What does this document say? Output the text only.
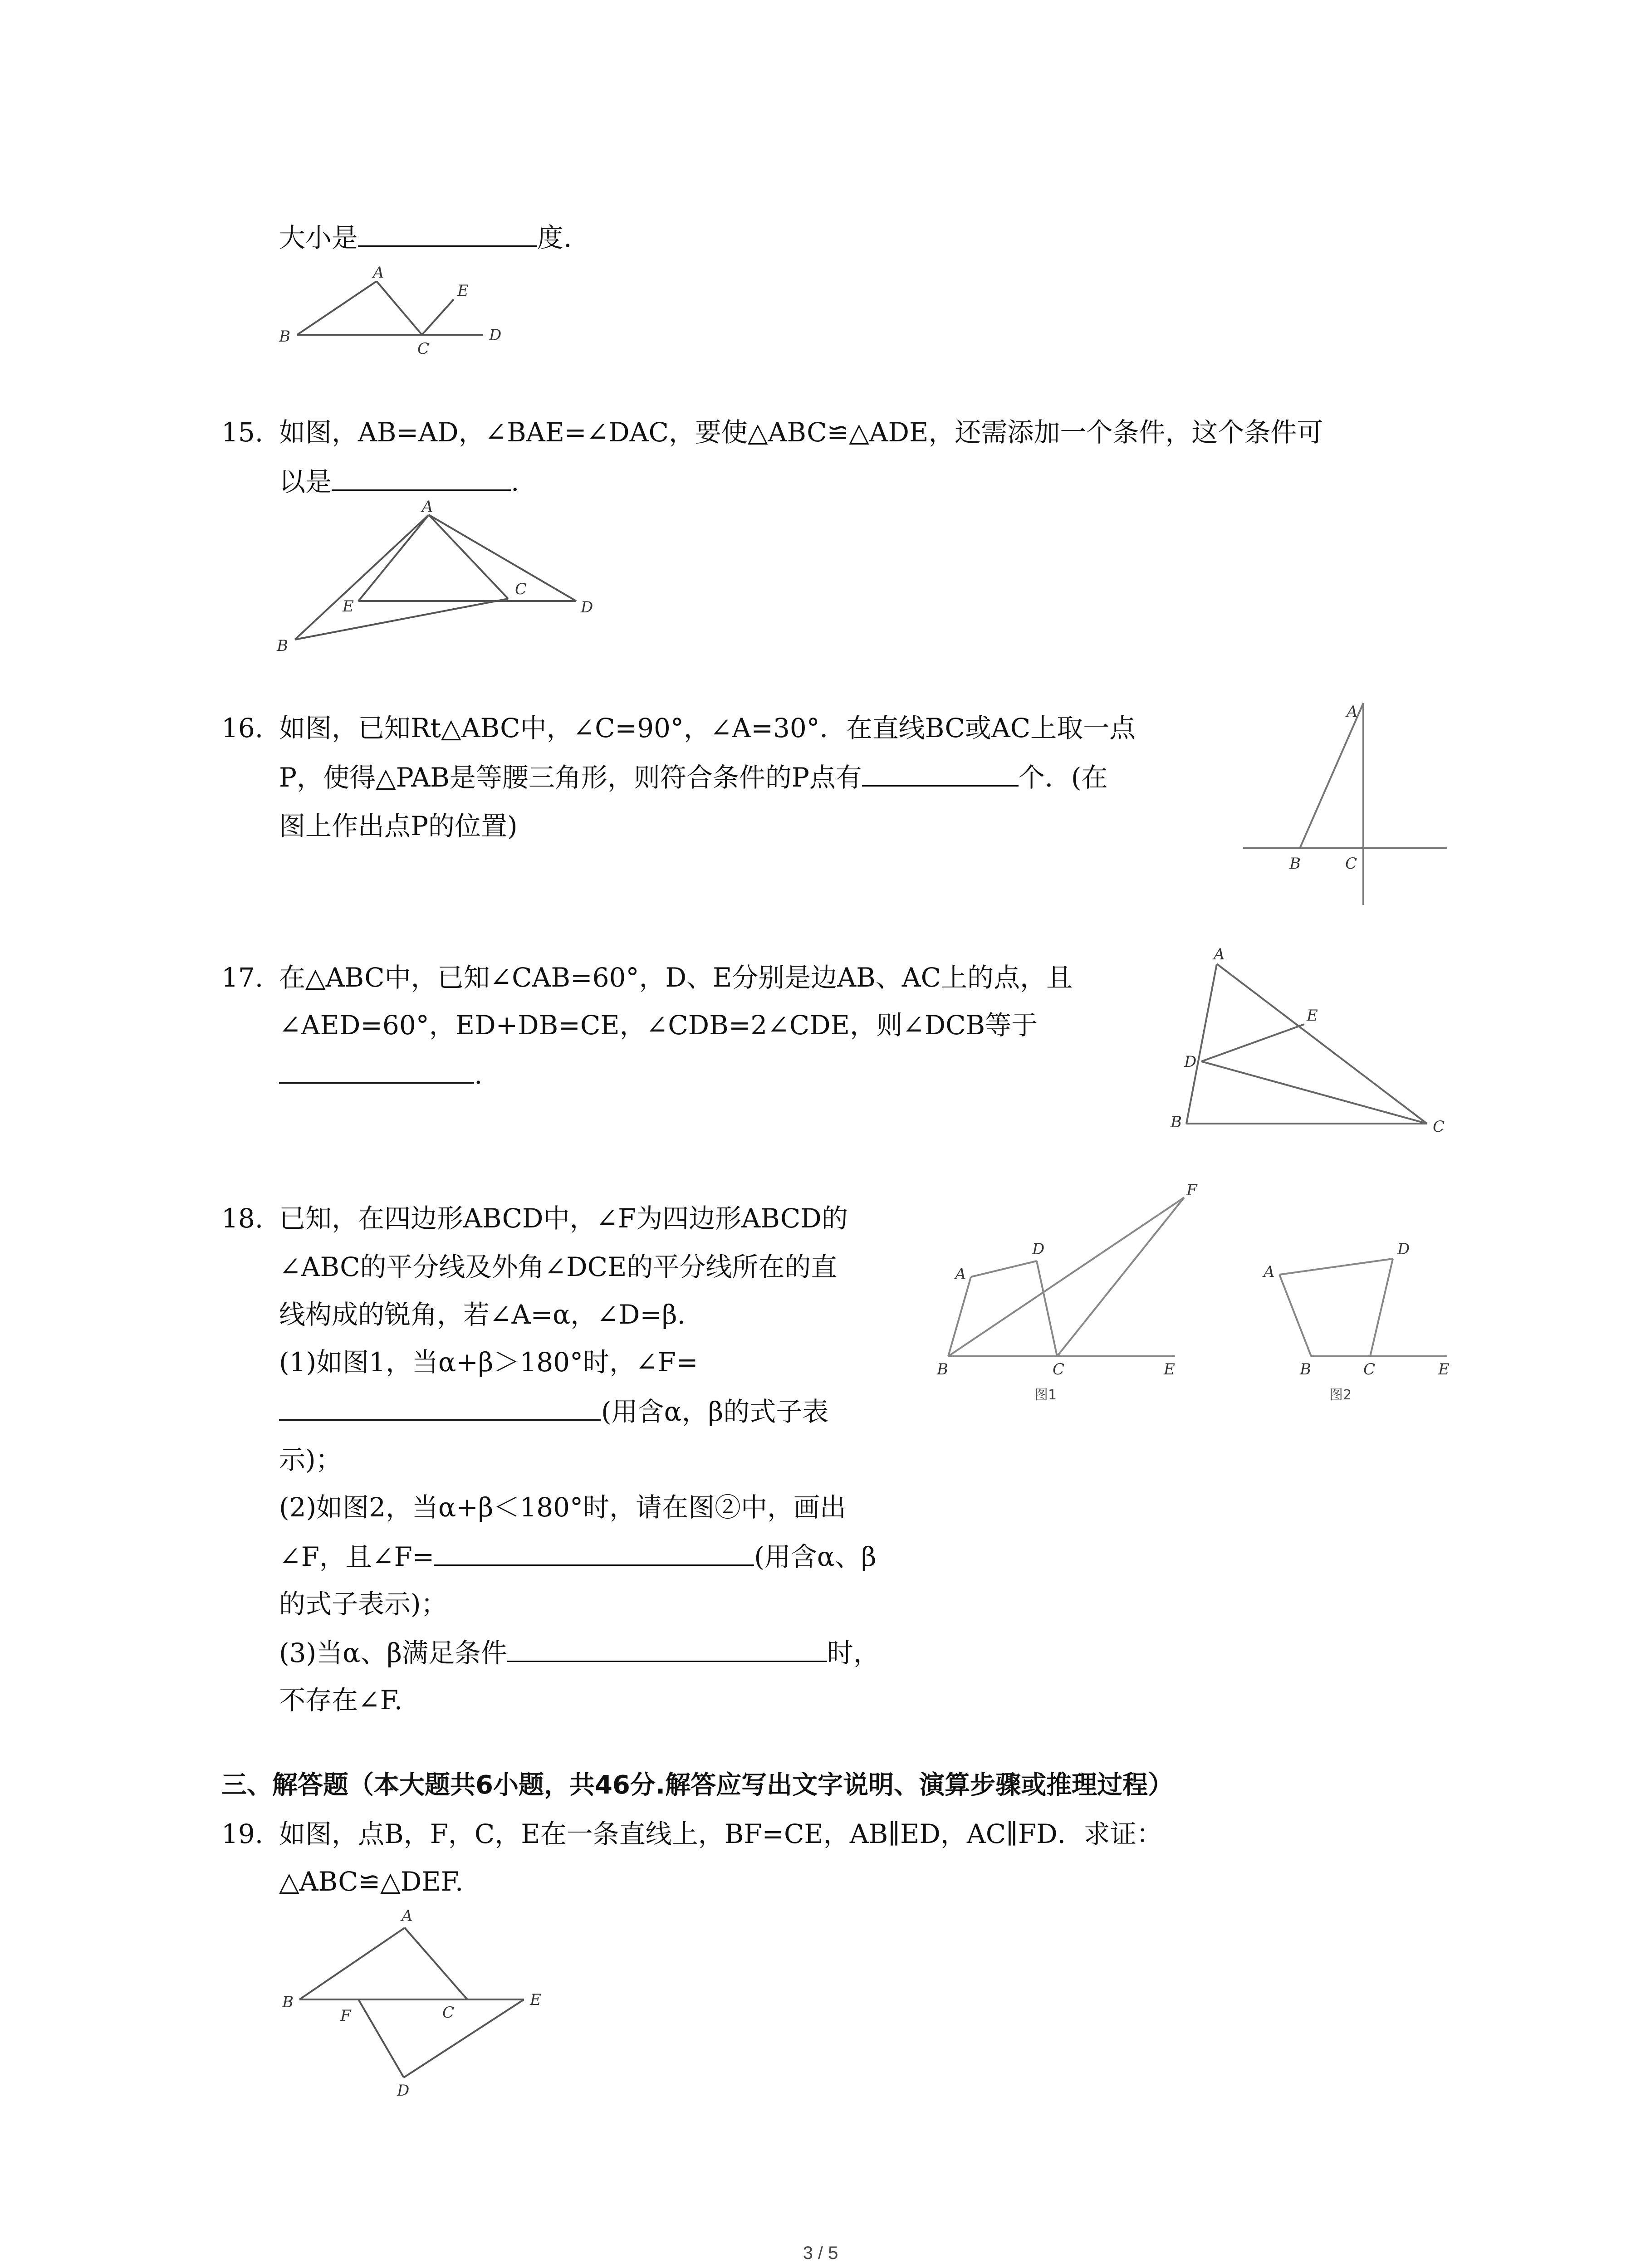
大小是	度.
A
B
C
D
E
15. 如图，AB=AD，∠BAE=∠DAC，要使△ABC≌△ADE，还需添加一个条件，这个条件可
以是	.
A
B
C
D
E
16. 如图，已知Rt△ABC中，∠C=90°，∠A=30°．在直线BC或AC上取一点
P，使得△PAB是等腰三角形，则符合条件的P点有	个．(在
图上作出点P的位置)
A
B	C
17. 在△ABC中，已知∠CAB=60°，D、E分别是边AB、AC上的点，且
∠AED=60°，ED+DB=CE，∠CDB=2∠CDE，则∠DCB等于
.
A
B	C
D
E
18. 已知，在四边形ABCD中，∠F为四边形ABCD的
∠ABC的平分线及外角∠DCE的平分线所在的直
线构成的锐角，若∠A=α，∠D=β.
(1)如图1，当α+β＞180°时，∠F=
(用含α，β的式子表
示)；
(2)如图2，当α+β＜180°时，请在图②中，画出
∠F，且∠F=	(用含α、β
的式子表示)；
(3)当α、β满足条件	时，
不存在∠F.
B
A
C
D
E
F
图1
A
B	C
D
E
图2
三、解答题（本大题共6小题，共46分.解答应写出文字说明、演算步骤或推理过程）
19. 如图，点B，F，C，E在一条直线上，BF=CE，AB∥ED，AC∥FD．求证：
△ABC≌△DEF.
A
B
C
D
E
F
3 / 5
